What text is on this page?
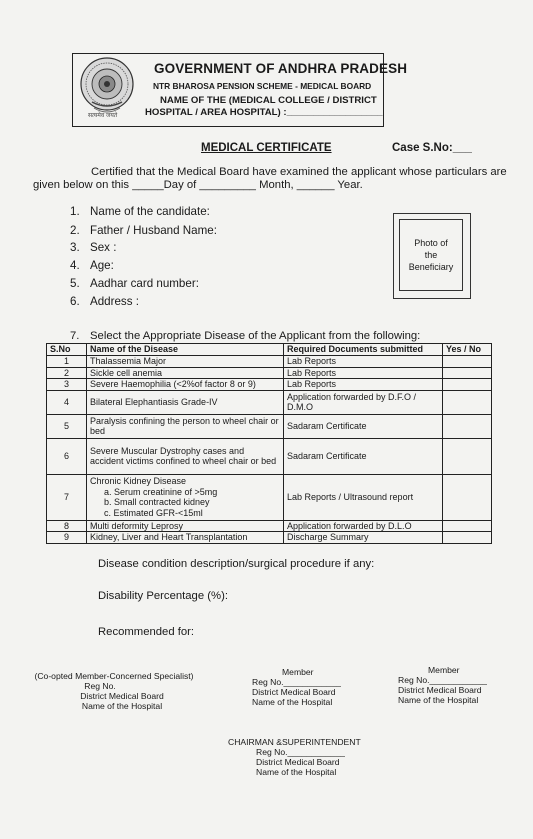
सत्यमेव जयते
GOVERNMENT OF ANDHRA PRADESH
NTR BHAROSA PENSION SCHEME - MEDICAL BOARD
NAME OF THE (MEDICAL COLLEGE / DISTRICT
HOSPITAL / AREA HOSPITAL) :__________________
MEDICAL CERTIFICATE	Case S.No:___
Certified that the Medical Board have examined the applicant whose particulars are
given below on this _____Day of _________ Month, ______ Year.
1. Name of the candidate:
2. Father / Husband Name:
3. Sex :
4. Age:
5. Aadhar card number:
6. Address :
Photo of
the
Beneficiary
7. Select the Appropriate Disease of the Applicant from the following:
S.No	Name of the Disease	Required Documents submitted	Yes / No
1	Thalassemia Major	Lab Reports	
2	Sickle cell anemia	Lab Reports	
3	Severe Haemophilia (<2%of factor 8 or 9)	Lab Reports	
4	Bilateral Elephantiasis Grade-IV	Application forwarded by D.F.O / D.M.O	
5	Paralysis confining the person to wheel chair or bed	Sadaram Certificate	
6	Severe Muscular Dystrophy cases and accident victims confined to wheel chair or bed	Sadaram Certificate	
7	Chronic Kidney Disease
a. Serum creatinine of >5mg
b. Small contracted kidney
c. Estimated GFR-<15ml	Lab Reports / Ultrasound report	
8	Multi deformity Leprosy	Application forwarded by D.L.O	
9	Kidney, Liver and Heart Transplantation	Discharge Summary	
Disease condition description/surgical procedure if any:
Disability Percentage (%):
Recommended for:
(Co-opted Member-Concerned Specialist)
Reg No.
District Medical Board
Name of the Hospital
Member
Reg No.____________
District Medical Board
Name of the Hospital
Member
Reg No.____________
District Medical Board
Name of the Hospital
CHAIRMAN &SUPERINTENDENT
Reg No.____________
District Medical Board
Name of the Hospital
